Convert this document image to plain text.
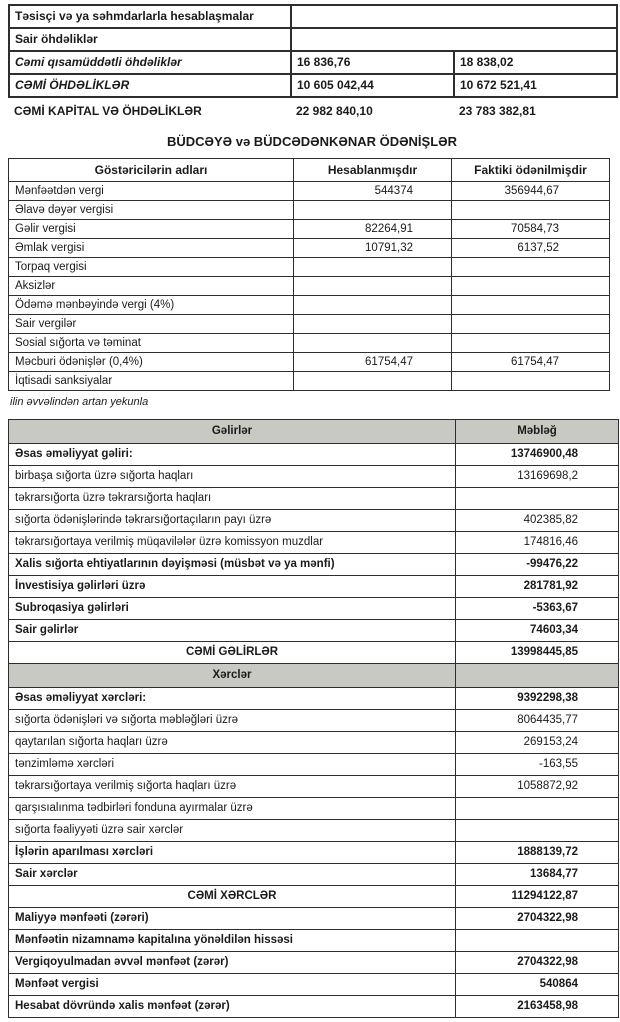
Təsisçi və ya səhmdarlarla hesablaşmalar		
Sair öhdəliklər		
Cəmi qısamüddətli öhdəliklər	16 836,76	18 838,02
CƏMİ ÖHDƏLİKLƏR	10 605 042,44	10 672 521,41
CƏMİ KAPİTAL VƏ ÖHDƏLİKLƏR	22 982 840,10	23 783 382,81
BÜDCƏYƏ və BÜDCƏDƏNKƏNAR ÖDƏNİŞLƏR
Göstəricilərin adları	Hesablanmışdır	Faktiki ödənilmişdir
Mənfəətdən vergi	544374	356944,67
Əlavə dəyər vergisi		
Gəlir vergisi	82264,91	70584,73
Əmlak vergisi	10791,32	6137,52
Torpaq vergisi		
Aksizlər		
Ödəmə mənbəyində vergi (4%)		
Sair vergilər		
Sosial sığorta və təminat		
Məcburi ödənişlər (0,4%)	61754,47	61754,47
İqtisadi sanksiyalar		
ilin əvvəlindən artan yekunla
Gəlirlər	Məbləğ
Əsas əməliyyat gəliri:	13746900,48
birbaşa sığorta üzrə sığorta haqları	13169698,2
təkrarsığorta üzrə təkrarsığorta haqları	
sığorta ödənişlərində təkrarsığortaçıların payı üzrə	402385,82
təkrarsığortaya verilmiş müqavilələr üzrə komissyon muzdlar	174816,46
Xalis sığorta ehtiyatlarının dəyişməsi (müsbət və ya mənfi)	-99476,22
İnvestisiya gəlirləri üzrə	281781,92
Subroqasiya gəlirləri	-5363,67
Sair gəlirlər	74603,34
CƏMİ GƏLİRLƏR	13998445,85
Xərclər	
Əsas əməliyyat xərcləri:	9392298,38
sığorta ödənişləri və sığorta məbləğləri üzrə	8064435,77
qaytarılan sığorta haqları üzrə	269153,24
tənzimləmə xərcləri	-163,55
təkrarsığortaya verilmiş sığorta haqları üzrə	1058872,92
qarşısıalınma tədbirləri fonduna ayırmalar üzrə	
sığorta fəaliyyəti üzrə sair xərclər	
İşlərin aparılması xərcləri	1888139,72
Sair xərclər	13684,77
CƏMİ XƏRCLƏR	11294122,87
Maliyyə mənfəəti (zərəri)	2704322,98
Mənfəətin nizamnamə kapitalına yönəldilən hissəsi	
Vergiqoyulmadan əvvəl mənfəət (zərər)	2704322,98
Mənfəət vergisi	540864
Hesabat dövründə xalis mənfəət (zərər)	2163458,98
